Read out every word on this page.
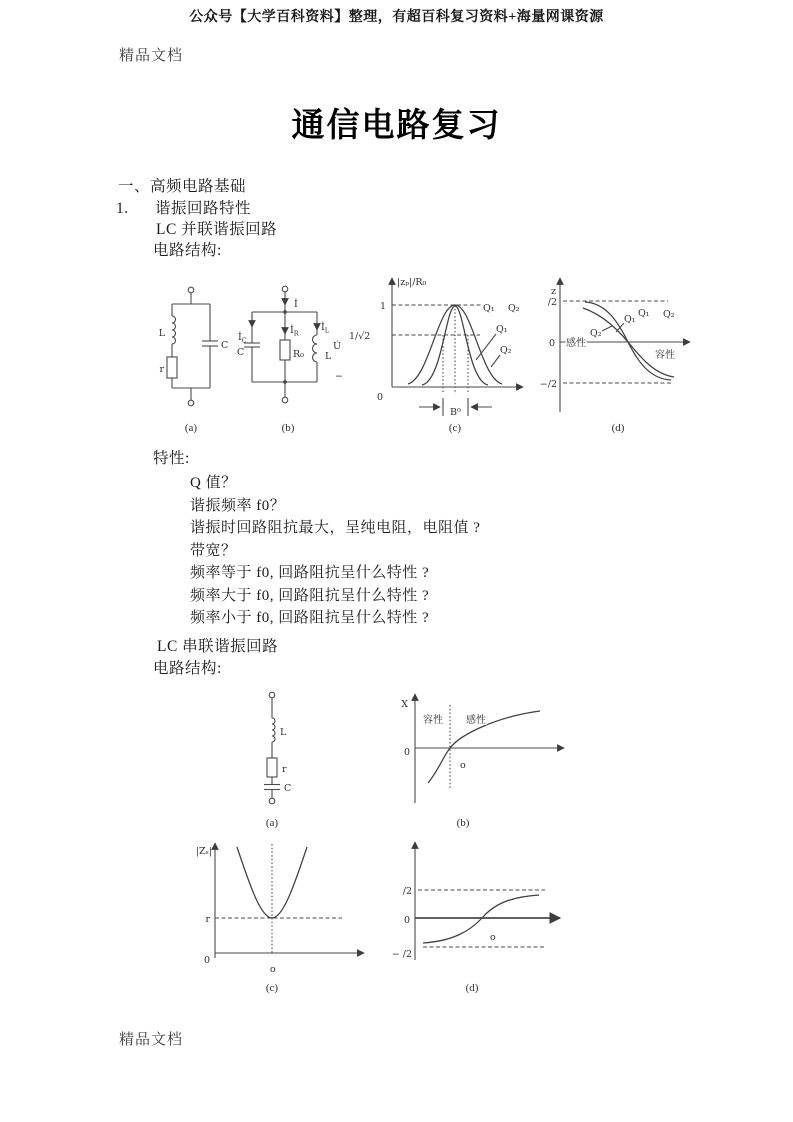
公众号【大学百科资料】整理，有超百科复习资料+海量网课资源
精品文档
通信电路复习
一、高频电路基础
1. 谐振回路特性
LC 并联谐振回路
电路结构:
L
r
C
İ
$İ_C$
C
$İ_R$
R₀
$İ_L$
L
U̇
−
|zₚ|/R₀
1
1/√2
0
Q₁ Q₂
Q₁
Q₂
B⁰
z
/2
0
−/2
感性
容性
Q₁ Q₂
Q₁
Q₂
(a)	(b)	(c)	(d)
特性:
Q 值？
谐振频率 f0？
谐振时回路阻抗最大，呈纯电阻，电阻值 ?
带宽？
频率等于 f0, 回路阻抗呈什么特性 ?
频率大于 f0, 回路阻抗呈什么特性 ?
频率小于 f0, 回路阻抗呈什么特性 ?
LC 串联谐振回路
电路结构:
L
r
C
X
0
容性 感性
o
(a)	(b)
|Zₛ|
r
0
o
/2
0
− /2
o
(c)	(d)
精品文档
